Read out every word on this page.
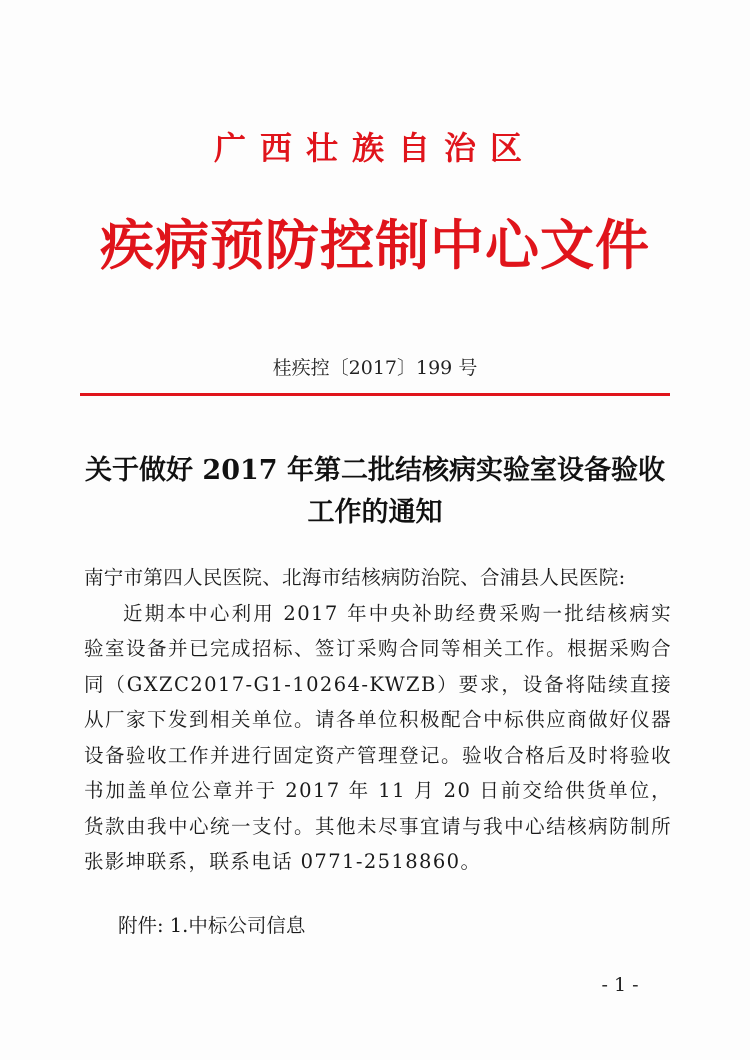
广西壮族自治区
疾病预防控制中心文件
桂疾控〔2017〕199 号
关于做好 2017 年第二批结核病实验室设备验收
工作的通知

南宁市第四人民医院、北海市结核病防治院、合浦县人民医院:

近期本中心利用 2017 年中央补助经费采购一批结核病实验室设备并已完成招标、签订采购合同等相关工作。根据采购合同（GXZC2017-G1-10264-KWZB）要求，设备将陆续直接从厂家下发到相关单位。请各单位积极配合中标供应商做好仪器设备验收工作并进行固定资产管理登记。验收合格后及时将验收书加盖单位公章并于 2017 年 11 月 20 日前交给供货单位，货款由我中心统一支付。其他未尽事宜请与我中心结核病防制所张影坤联系，联系电话 0771-2518860。

附件: 1.中标公司信息
- 1 -
